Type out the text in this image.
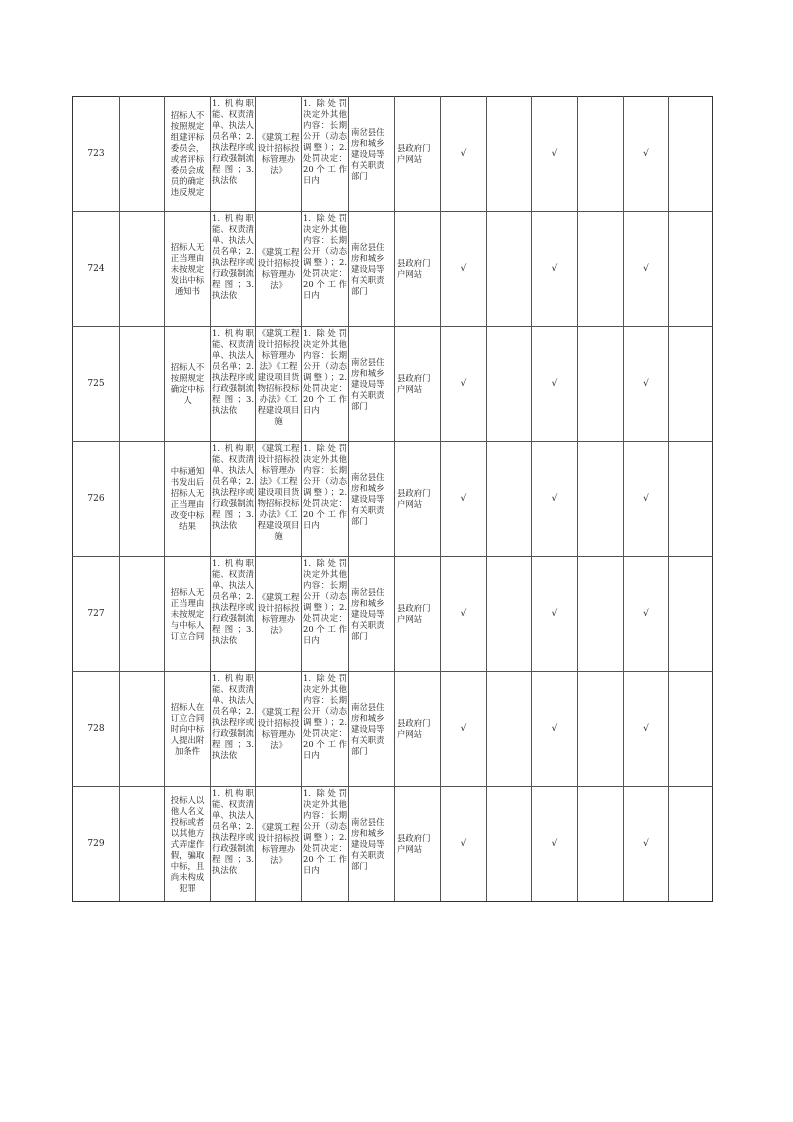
723		招标人不按照规定组建评标委员会，或者评标委员会成员的确定违反规定	1. 机构职能、权责清单、执法人员名单；2. 执法程序或行政强制流程图；3. 执法依	《建筑工程设计招标投标管理办法》	1. 除处罚决定外其他内容：长期公开（动态调整）；2. 处罚决定：20个工作日内	南岔县住房和城乡建设局等有关职责部门	县政府门户网站	√		√		√	
724		招标人无正当理由未按规定发出中标通知书	1. 机构职能、权责清单、执法人员名单；2. 执法程序或行政强制流程图；3. 执法依	《建筑工程设计招标投标管理办法》	1. 除处罚决定外其他内容：长期公开（动态调整）；2. 处罚决定：20个工作日内	南岔县住房和城乡建设局等有关职责部门	县政府门户网站	√		√		√	
725		招标人不按照规定确定中标人	1. 机构职能、权责清单、执法人员名单；2. 执法程序或行政强制流程图；3. 执法依	《建筑工程设计招标投标管理办法》《工程建设项目货物招标投标办法》《工程建设项目施	1. 除处罚决定外其他内容：长期公开（动态调整）；2. 处罚决定：20个工作日内	南岔县住房和城乡建设局等有关职责部门	县政府门户网站	√		√		√	
726		中标通知书发出后招标人无正当理由改变中标结果	1. 机构职能、权责清单、执法人员名单；2. 执法程序或行政强制流程图；3. 执法依	《建筑工程设计招标投标管理办法》《工程建设项目货物招标投标办法》《工程建设项目施	1. 除处罚决定外其他内容：长期公开（动态调整）；2. 处罚决定：20个工作日内	南岔县住房和城乡建设局等有关职责部门	县政府门户网站	√		√		√	
727		招标人无正当理由未按规定与中标人订立合同	1. 机构职能、权责清单、执法人员名单；2. 执法程序或行政强制流程图；3. 执法依	《建筑工程设计招标投标管理办法》	1. 除处罚决定外其他内容：长期公开（动态调整）；2. 处罚决定：20个工作日内	南岔县住房和城乡建设局等有关职责部门	县政府门户网站	√		√		√	
728		招标人在订立合同时向中标人提出附加条件	1. 机构职能、权责清单、执法人员名单；2. 执法程序或行政强制流程图；3. 执法依	《建筑工程设计招标投标管理办法》	1. 除处罚决定外其他内容：长期公开（动态调整）；2. 处罚决定：20个工作日内	南岔县住房和城乡建设局等有关职责部门	县政府门户网站	√		√		√	
729		投标人以他人名义投标或者以其他方式弄虚作假，骗取中标，且尚未构成犯罪	1. 机构职能、权责清单、执法人员名单；2. 执法程序或行政强制流程图；3. 执法依	《建筑工程设计招标投标管理办法》	1. 除处罚决定外其他内容：长期公开（动态调整）；2. 处罚决定：20个工作日内	南岔县住房和城乡建设局等有关职责部门	县政府门户网站	√		√		√	
